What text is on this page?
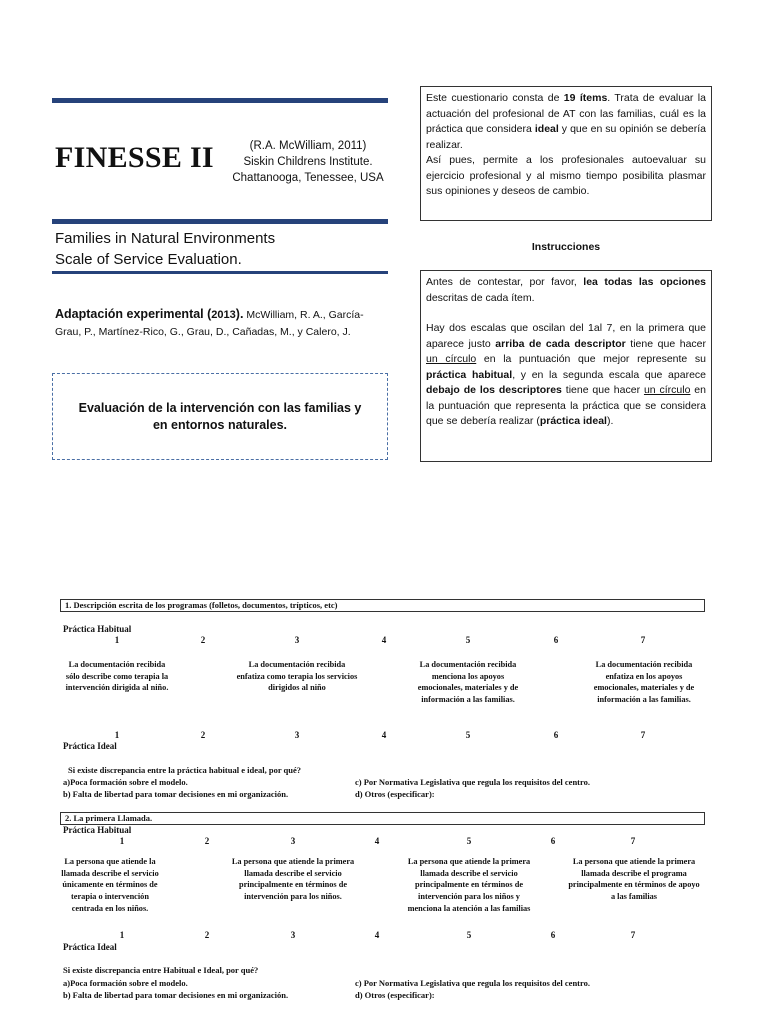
FINESSE II	(R.A. McWilliam, 2011)
Siskin Childrens Institute.
Chattanooga, Tenessee, USA
Families in Natural Environments
Scale of Service Evaluation.
Adaptación experimental (2013). McWilliam, R. A., García-Grau, P., Martínez-Rico, G., Grau, D., Cañadas, M., y Calero, J.
Evaluación de la intervención con las familias y en entornos naturales.
Este cuestionario consta de 19 ítems. Trata de evaluar la actuación del profesional de AT con las familias, cuál es la práctica que considera ideal y que en su opinión se debería realizar.
Así pues, permite a los profesionales autoevaluar su ejercicio profesional y al mismo tiempo posibilita plasmar sus opiniones y deseos de cambio.
Instrucciones
Antes de contestar, por favor, lea todas las opciones descritas de cada ítem.
Hay dos escalas que oscilan del 1al 7, en la primera que aparece justo arriba de cada descriptor tiene que hacer un círculo en la puntuación que mejor represente su práctica habitual, y en la segunda escala que aparece debajo de los descriptores tiene que hacer un círculo en la puntuación que representa la práctica que se considera que se debería realizar (práctica ideal).
1. Descripción escrita de los programas (folletos, documentos, trípticos, etc)
Práctica Habitual
1	2	3	4	5	6	7
La documentación recibida sólo describe como terapia la intervención dirigida al niño.
La documentación recibida enfatiza como terapia los servicios dirigidos al niño
La documentación recibida menciona los apoyos emocionales, materiales y de información a las familias.
La documentación recibida enfatiza en los apoyos emocionales, materiales y de información a las familias.
1	2	3	4	5	6	7
Práctica Ideal
Si existe discrepancia entre la práctica habitual e ideal, por qué?
a)Poca formación sobre el modelo.	c) Por Normativa Legislativa que regula los requisitos del centro.
b) Falta de libertad para tomar decisiones en mi organización.	d) Otros (especificar):
2. La primera Llamada.
Práctica Habitual
1	2	3	4	5	6	7
La persona que atiende la llamada describe el servicio únicamente en términos de terapia o intervención centrada en los niños.
La persona que atiende la primera llamada describe el servicio principalmente en términos de intervención para los niños.
La persona que atiende la primera llamada describe el servicio principalmente en términos de intervención para los niños y menciona la atención a las familias
La persona que atiende la primera llamada describe el programa principalmente en términos de apoyo a las familias
1	2	3	4	5	6	7
Práctica Ideal
Si existe discrepancia entre Habitual e Ideal, por qué?
a)Poca formación sobre el modelo.	c) Por Normativa Legislativa que regula los requisitos del centro.
b) Falta de libertad para tomar decisiones en mi organización.	d) Otros (especificar):
